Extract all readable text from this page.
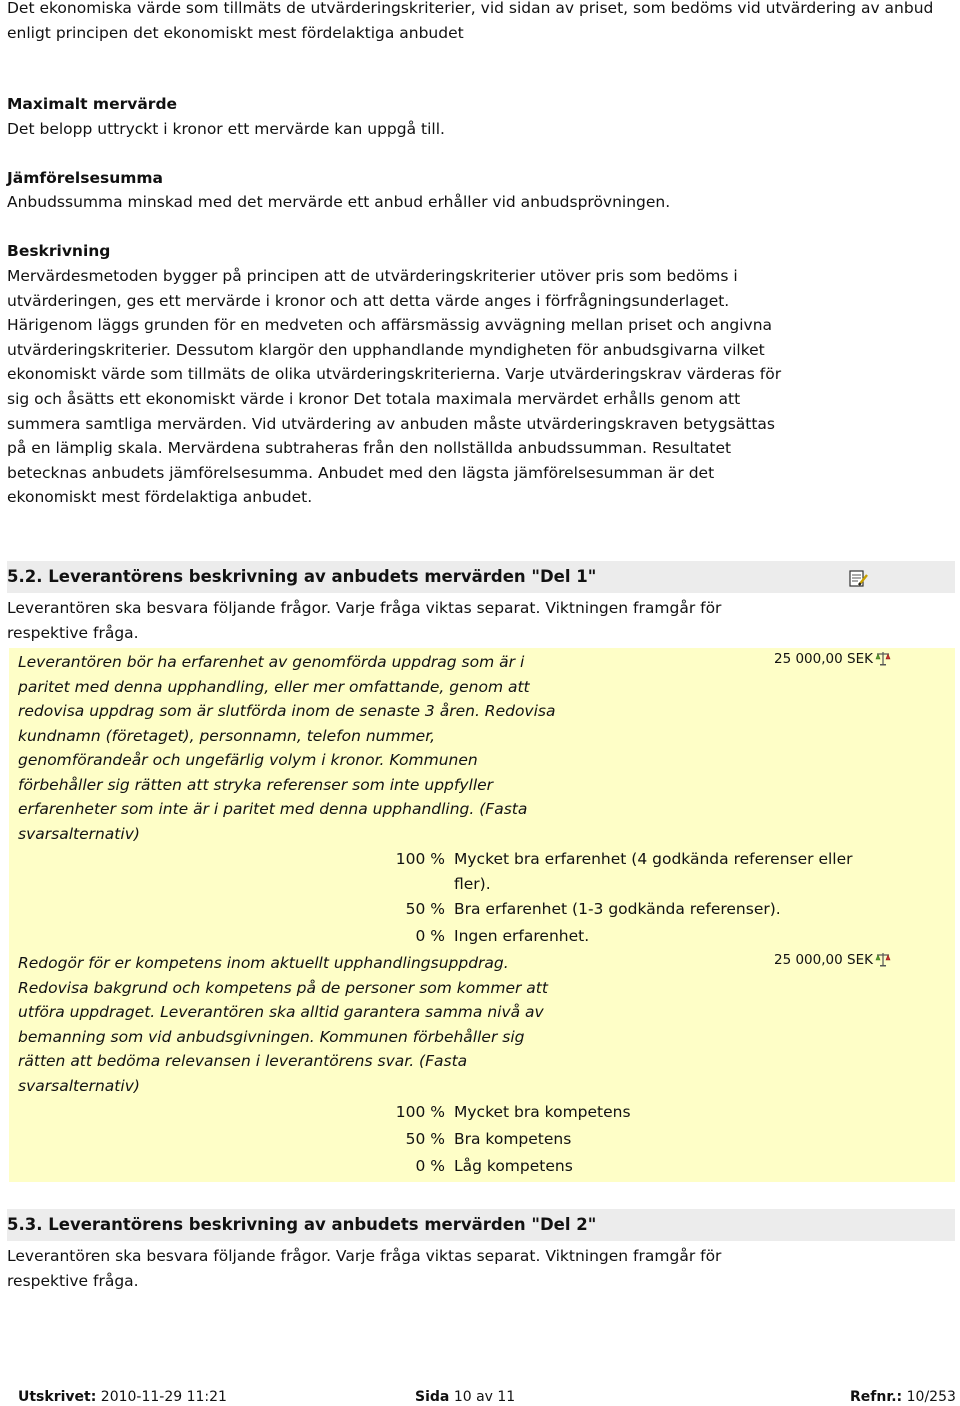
Det ekonomiska värde som tillmäts de utvärderingskriterier, vid sidan av priset, som bedöms vid utvärdering av anbud enligt principen det ekonomiskt mest fördelaktiga anbudet

Maximalt mervärde

Det belopp uttryckt i kronor ett mervärde kan uppgå till.

Jämförelsesumma

Anbudssumma minskad med det mervärde ett anbud erhåller vid anbudsprövningen.

Beskrivning

Mervärdesmetoden bygger på principen att de utvärderingskriterier utöver pris som bedöms i utvärderingen, ges ett mervärde i kronor och att detta värde anges i förfrågningsunderlaget. Härigenom läggs grunden för en medveten och affärsmässig avvägning mellan priset och angivna utvärderingskriterier. Dessutom klargör den upphandlande myndigheten för anbudsgivarna vilket ekonomiskt värde som tillmäts de olika utvärderingskriterierna. Varje utvärderingskrav värderas för sig och åsätts ett ekonomiskt värde i kronor Det totala maximala mervärdet erhålls genom att summera samtliga mervärden. Vid utvärdering av anbuden måste utvärderingskraven betygsättas på en lämplig skala. Mervärdena subtraheras från den nollställda anbudssumman. Resultatet betecknas anbudets jämförelsesumma. Anbudet med den lägsta jämförelsesumman är det ekonomiskt mest fördelaktiga anbudet.

5.2. Leverantörens beskrivning av anbudets mervärden "Del 1"

Leverantören ska besvara följande frågor. Varje fråga viktas separat. Viktningen framgår för respektive fråga.

Leverantören bör ha erfarenhet av genomförda uppdrag som är i paritet med denna upphandling, eller mer omfattande, genom att redovisa uppdrag som är slutförda inom de senaste 3 åren. Redovisa kundnamn (företaget), personnamn, telefon nummer, genomförandeår och ungefärlig volym i kronor. Kommunen förbehåller sig rätten att stryka referenser som inte uppfyller erfarenheter som inte är i paritet med denna upphandling. (Fasta svarsalternativ)
25 000,00 SEK
100 % Mycket bra erfarenhet (4 godkända referenser eller fler).
50 % Bra erfarenhet (1-3 godkända referenser).
0 % Ingen erfarenhet.
Redogör för er kompetens inom aktuellt upphandlingsuppdrag. Redovisa bakgrund och kompetens på de personer som kommer att utföra uppdraget. Leverantören ska alltid garantera samma nivå av bemanning som vid anbudsgivningen. Kommunen förbehåller sig rätten att bedöma relevansen i leverantörens svar. (Fasta svarsalternativ)
25 000,00 SEK
100 % Mycket bra kompetens
50 % Bra kompetens
0 % Låg kompetens
5.3. Leverantörens beskrivning av anbudets mervärden "Del 2"

Leverantören ska besvara följande frågor. Varje fråga viktas separat. Viktningen framgår för respektive fråga.

Utskrivet: 2010-11-29 11:21	Sida 10 av 11	Refnr.: 10/253
